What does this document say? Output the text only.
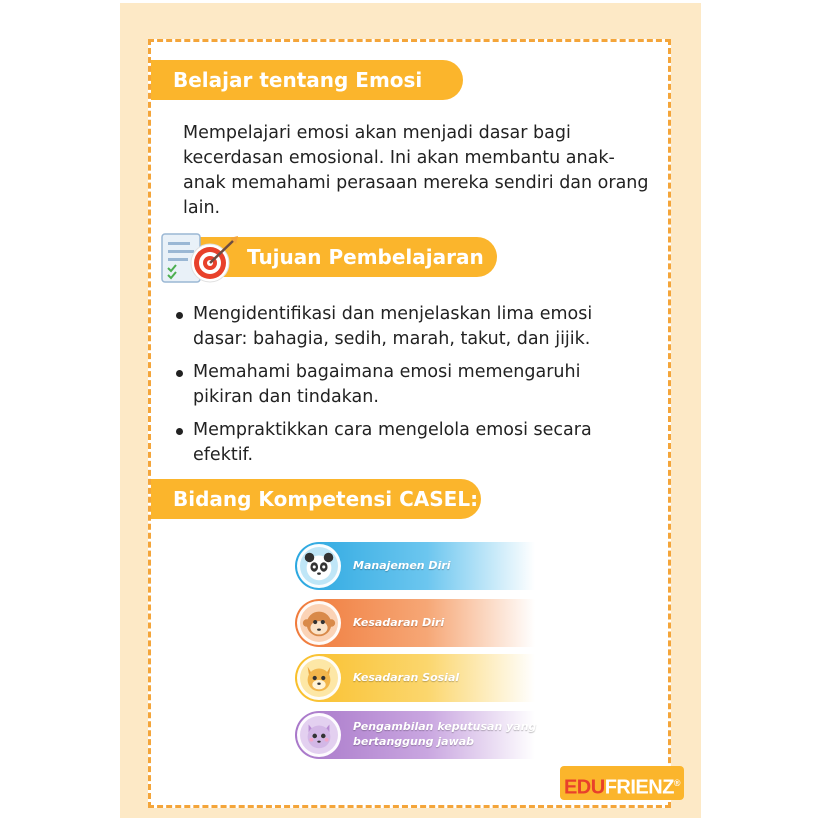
Belajar tentang Emosi

Mempelajari emosi akan menjadi dasar bagi kecerdasan emosional. Ini akan membantu anak-anak memahami perasaan mereka sendiri dan orang lain.

Tujuan Pembelajaran
Mengidentifikasi dan menjelaskan lima emosi dasar: bahagia, sedih, marah, takut, dan jijik.
Memahami bagaimana emosi memengaruhi pikiran dan tindakan.
Mempraktikkan cara mengelola emosi secara efektif.
Bidang Kompetensi CASEL:
Manajemen Diri
Kesadaran Diri
Kesadaran Sosial
Pengambilan keputusan yang bertanggung jawab
EDUFRIENZ®
